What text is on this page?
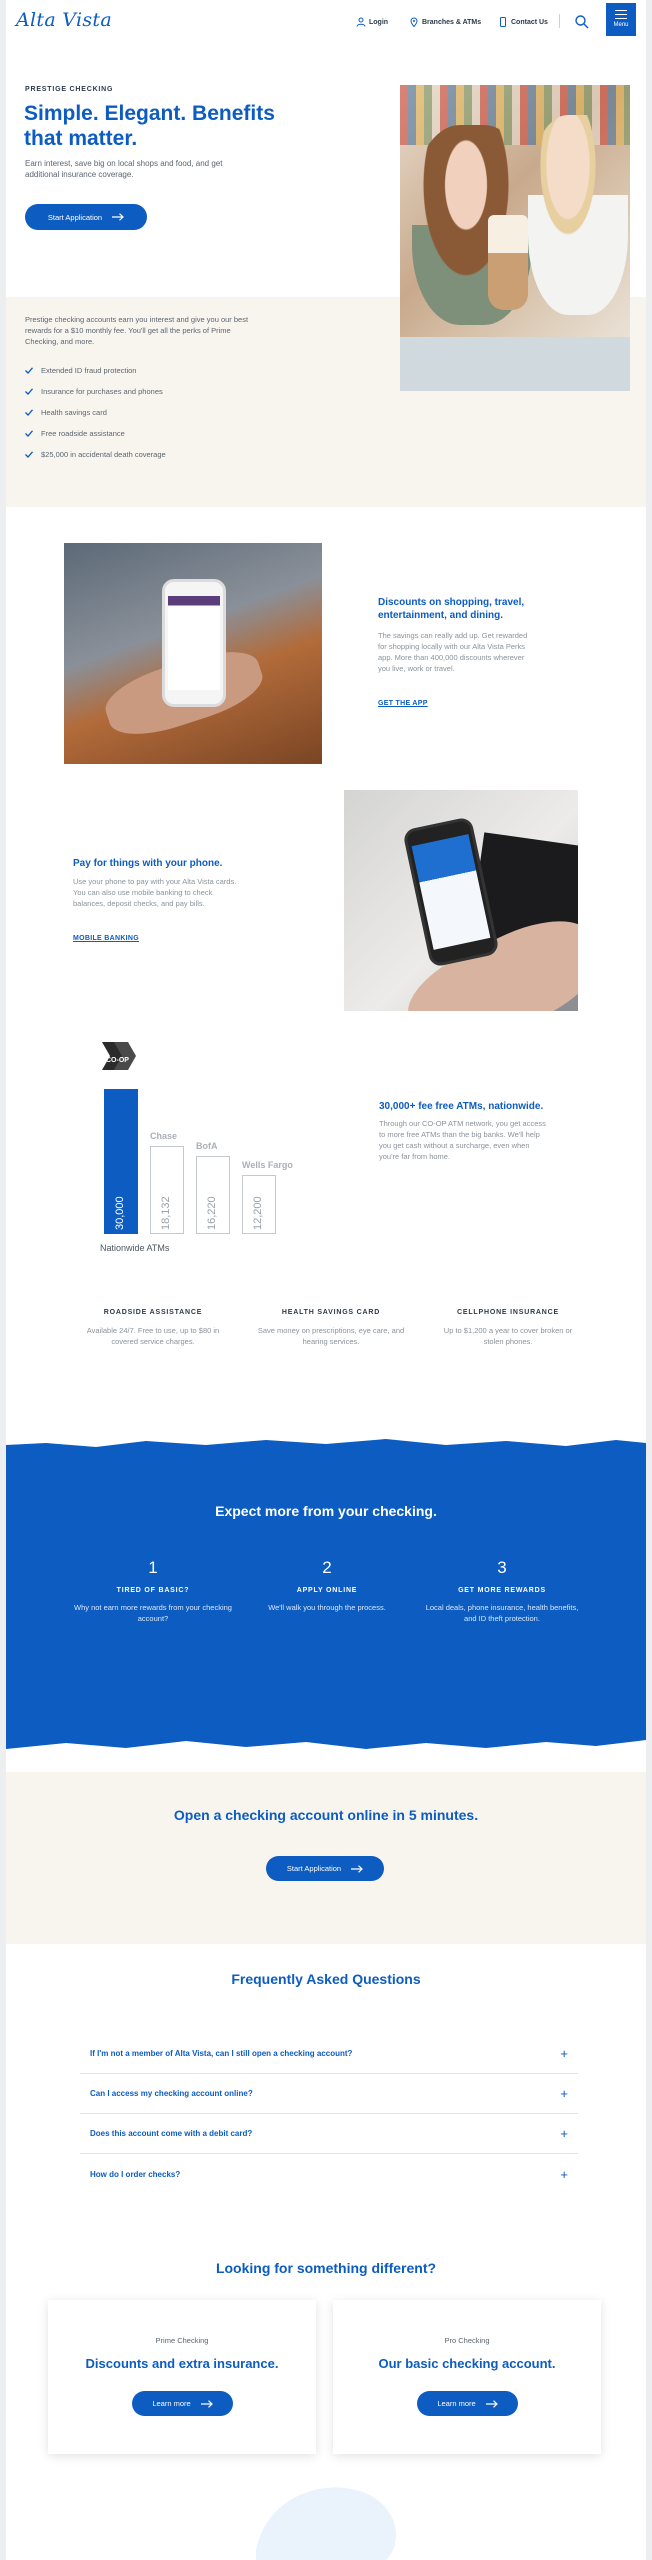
Alta Vista	Login	Branches & ATMs	Contact Us	Menu
PRESTIGE CHECKING
Simple. Elegant. Benefits that matter.
Earn interest, save big on local shops and food, and get additional insurance coverage.
Start Application
Prestige checking accounts earn you interest and give you our best rewards for a $10 monthly fee. You'll get all the perks of Prime Checking, and more.
Extended ID fraud protection
Insurance for purchases and phones
Health savings card
Free roadside assistance
$25,000 in accidental death coverage
Discounts on shopping, travel, entertainment, and dining.
The savings can really add up. Get rewarded for shopping locally with our Alta Vista Perks app. More than 400,000 discounts wherever you live, work or travel.
GET THE APP
Pay for things with your phone.
Use your phone to pay with your Alta Vista cards. You can also use mobile banking to check balances, deposit checks, and pay bills.
MOBILE BANKING
CO-OP
30,000	18,132
Chase
16,220
BofA
12,200
Wells Fargo
Nationwide ATMs
30,000+ fee free ATMs, nationwide.
Through our CO-OP ATM network, you get access to more free ATMs than the big banks. We'll help you get cash without a surcharge, even when you're far from home.
ROADSIDE ASSISTANCE
Available 24/7. Free to use, up to $80 in covered service charges.
HEALTH SAVINGS CARD
Save money on prescriptions, eye care, and hearing services.
CELLPHONE INSURANCE
Up to $1,200 a year to cover broken or stolen phones.
Expect more from your checking.
1
TIRED OF BASIC?
Why not earn more rewards from your checking account?
2
APPLY ONLINE
We'll walk you through the process.
3
GET MORE REWARDS
Local deals, phone insurance, health benefits, and ID theft protection.
Open a checking account online in 5 minutes.
Start Application
Frequently Asked Questions
If I'm not a member of Alta Vista, can I still open a checking account?	+
Can I access my checking account online?	+
Does this account come with a debit card?	+
How do I order checks?	+
Looking for something different?
Prime Checking
Discounts and extra insurance.
Learn more
Pro Checking
Our basic checking account.
Learn more
